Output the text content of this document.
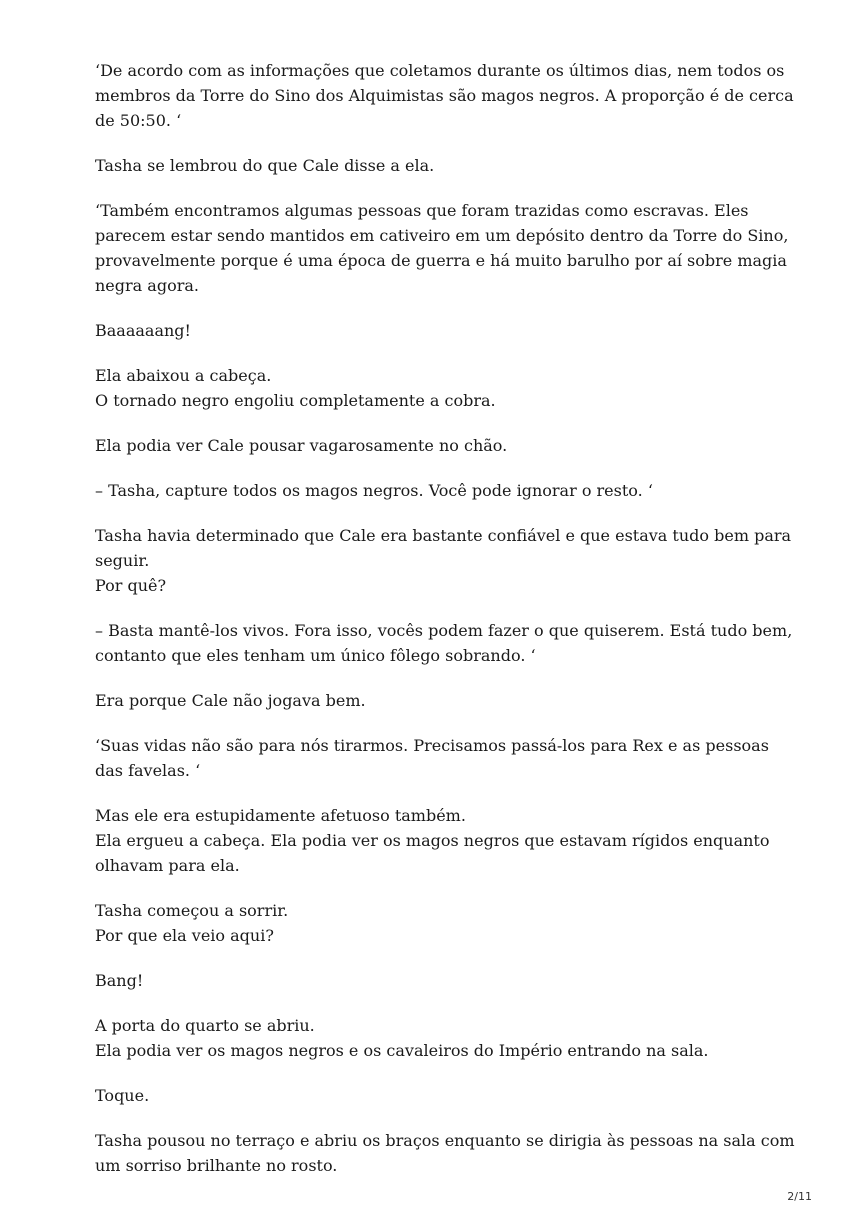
‘De acordo com as informações que coletamos durante os últimos dias, nem todos os membros da Torre do Sino dos Alquimistas são magos negros. A proporção é de cerca de 50:50. ‘

Tasha se lembrou do que Cale disse a ela.

‘Também encontramos algumas pessoas que foram trazidas como escravas. Eles parecem estar sendo mantidos em cativeiro em um depósito dentro da Torre do Sino, provavelmente porque é uma época de guerra e há muito barulho por aí sobre magia negra agora.

Baaaaaang!

Ela abaixou a cabeça.
O tornado negro engoliu completamente a cobra.

Ela podia ver Cale pousar vagarosamente no chão.

– Tasha, capture todos os magos negros. Você pode ignorar o resto. ‘

Tasha havia determinado que Cale era bastante confiável e que estava tudo bem para seguir.
Por quê?

– Basta mantê-los vivos. Fora isso, vocês podem fazer o que quiserem. Está tudo bem, contanto que eles tenham um único fôlego sobrando. ‘

Era porque Cale não jogava bem.

‘Suas vidas não são para nós tirarmos. Precisamos passá-los para Rex e as pessoas das favelas. ‘

Mas ele era estupidamente afetuoso também.
Ela ergueu a cabeça. Ela podia ver os magos negros que estavam rígidos enquanto olhavam para ela.

Tasha começou a sorrir.
Por que ela veio aqui?

Bang!

A porta do quarto se abriu.
Ela podia ver os magos negros e os cavaleiros do Império entrando na sala.

Toque.

Tasha pousou no terraço e abriu os braços enquanto se dirigia às pessoas na sala com um sorriso brilhante no rosto.

2/11
